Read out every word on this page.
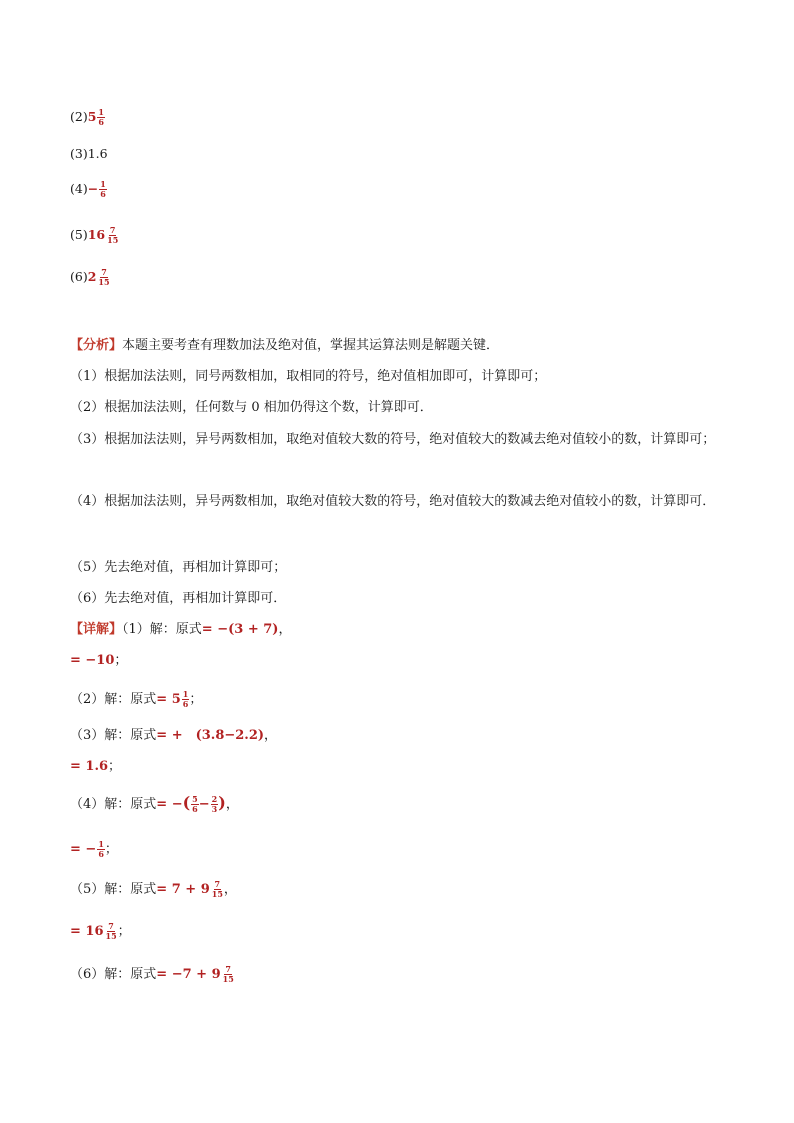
$(2)5 \frac{1}{6}$
(3)1.6
$(4)- \frac{1}{6}$
$(5)16 \frac{7}{15}$
$(6)2 \frac{7}{15}$
【分析】本题主要考查有理数加法及绝对值，掌握其运算法则是解题关键．
（1）根据加法法则，同号两数相加，取相同的符号，绝对值相加即可，计算即可；
（2）根据加法法则，任何数与 0 相加仍得这个数，计算即可．
（3）根据加法法则，异号两数相加，取绝对值较大数的符号，绝对值较大的数减去绝对值较小的数，计算即可；
（4）根据加法法则，异号两数相加，取绝对值较大数的符号，绝对值较大的数减去绝对值较小的数，计算即可．
（5）先去绝对值，再相加计算即可；
（6）先去绝对值，再相加计算即可．
【详解】（1）解：原式= −(3 + 7)，
= −10；
（2）解：原式= $5 \frac{1}{6}$ ；
（3）解：原式= +　(3.8−2.2)，
= 1.6；
（4）解：原式= −( $\frac{5}{6} - \frac{2}{3}$ )，
= − $\frac{1}{6}$ ；
（5）解：原式= $7 + 9 \frac{7}{15}$ ，
= $16 \frac{7}{15}$ ；
（6）解：原式= $-7 + 9 \frac{7}{15}$
